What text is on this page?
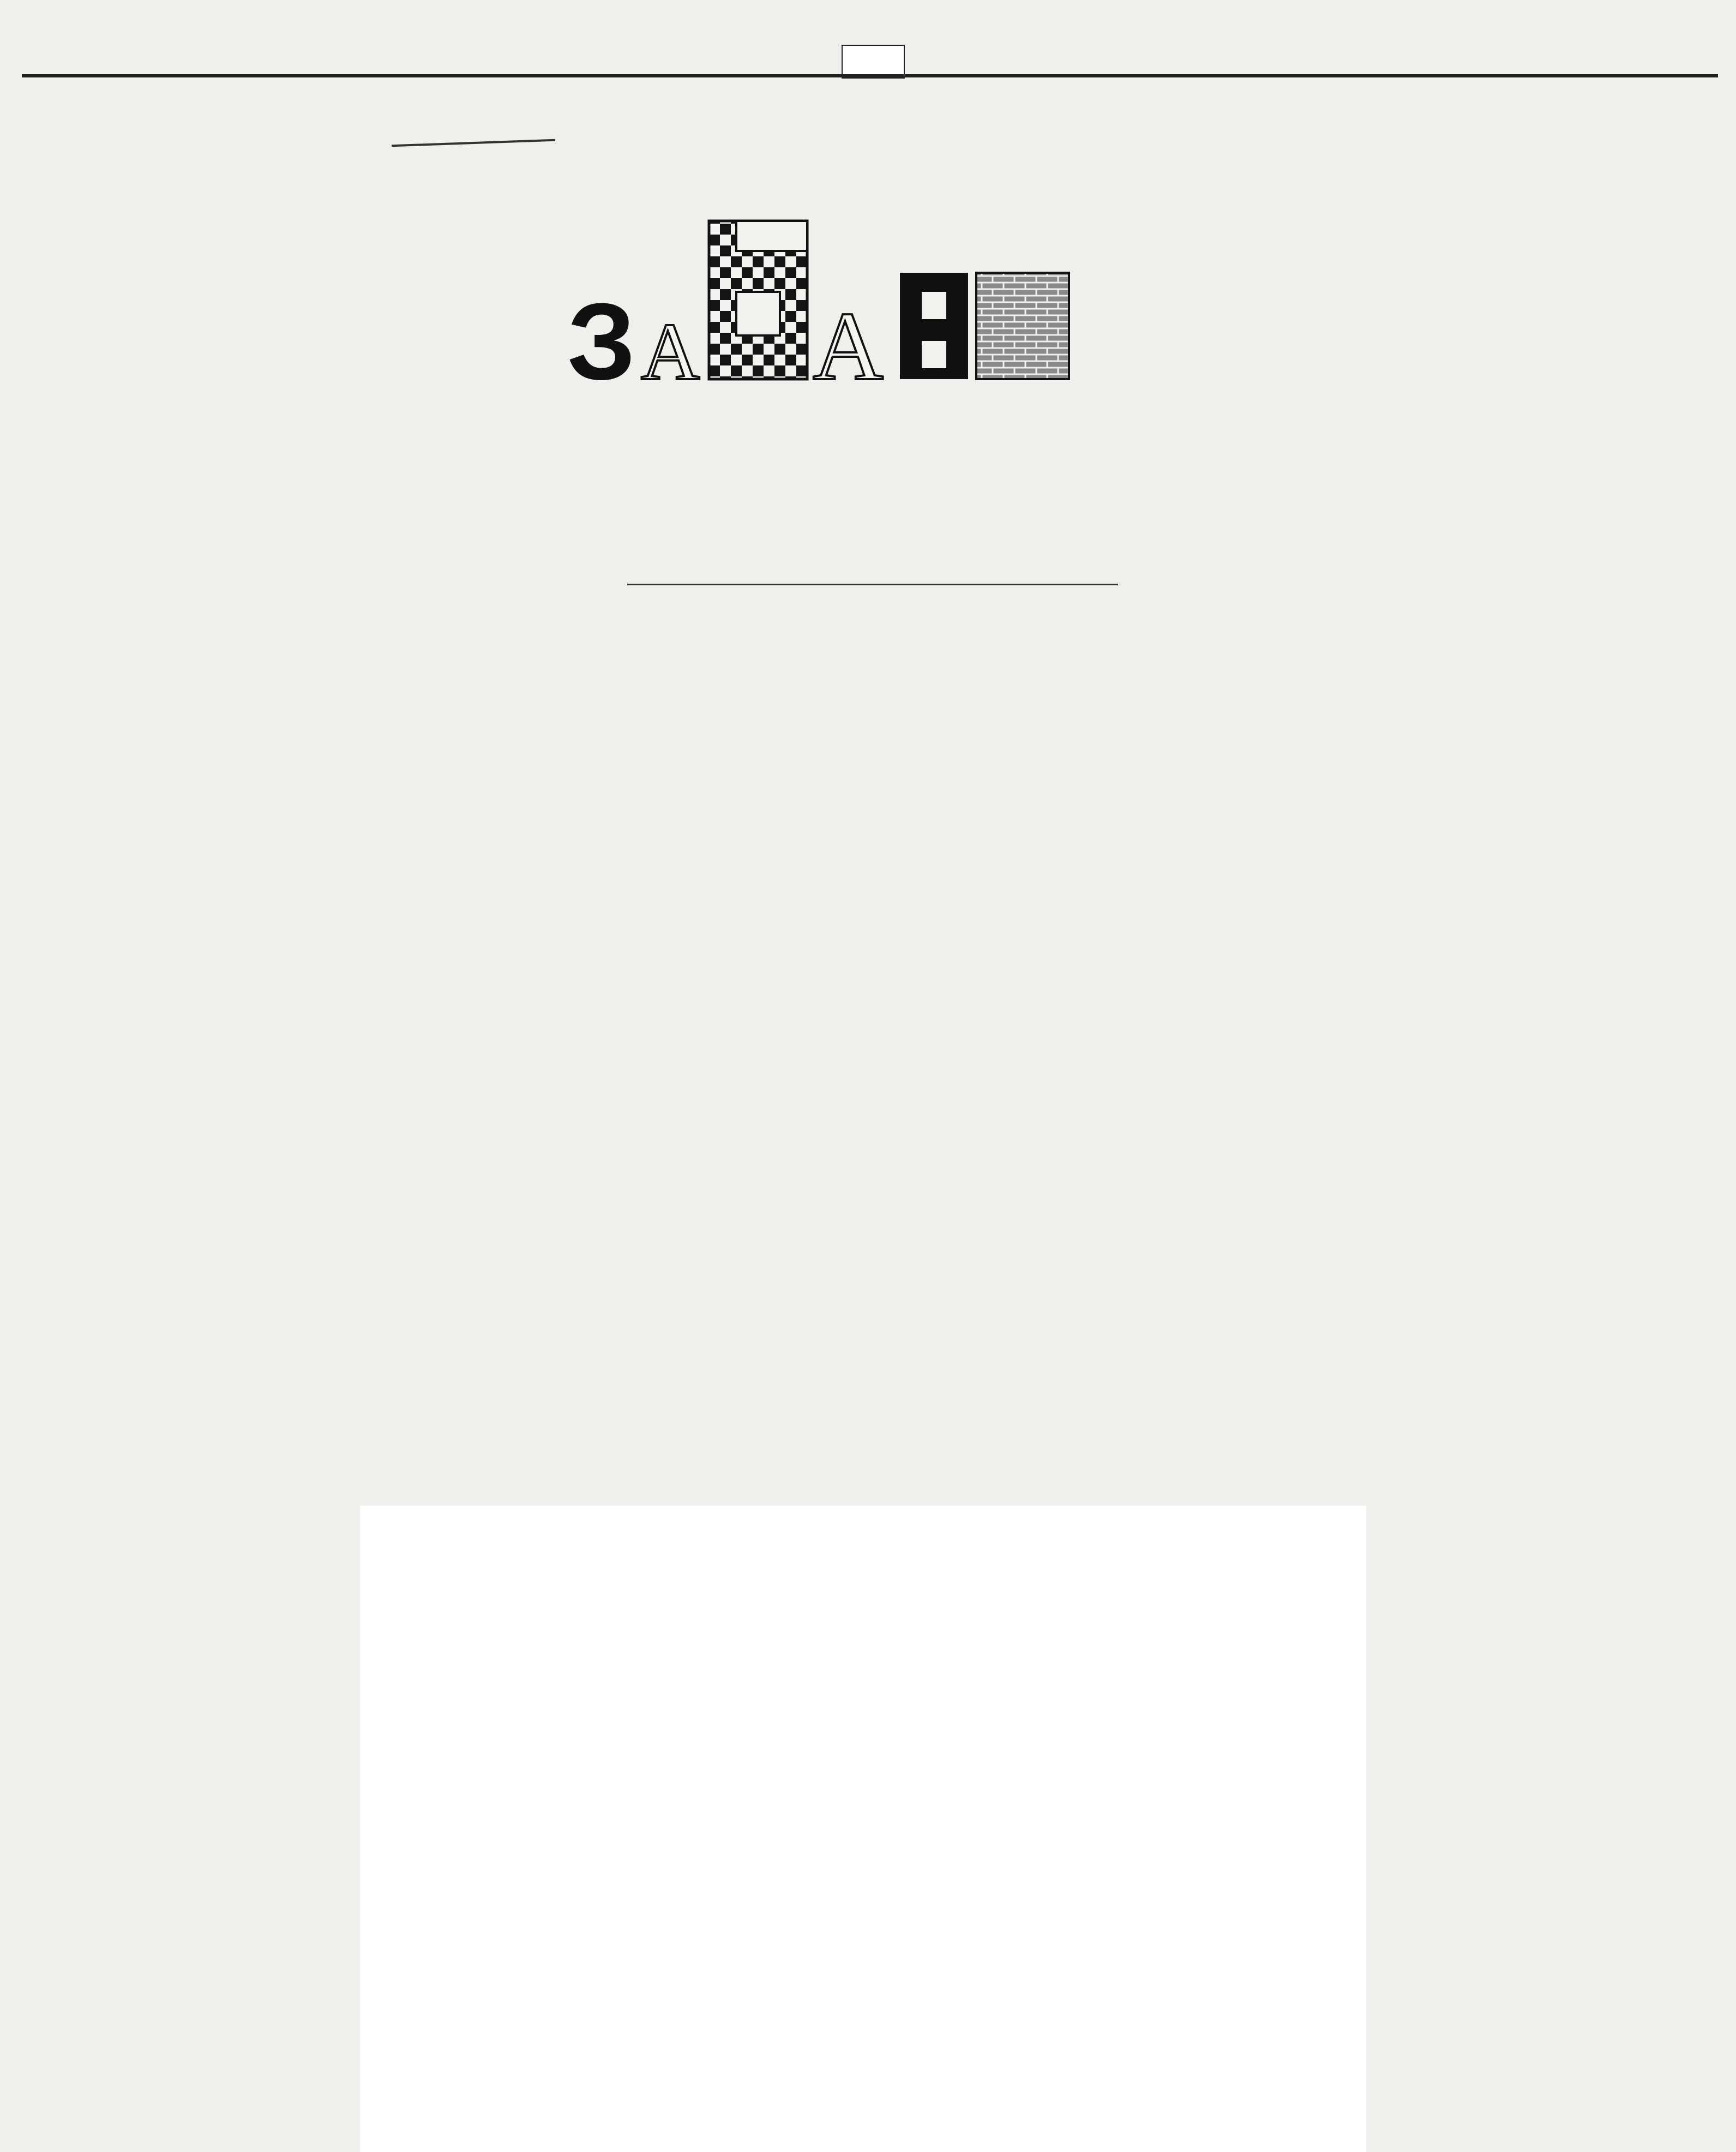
З А А
